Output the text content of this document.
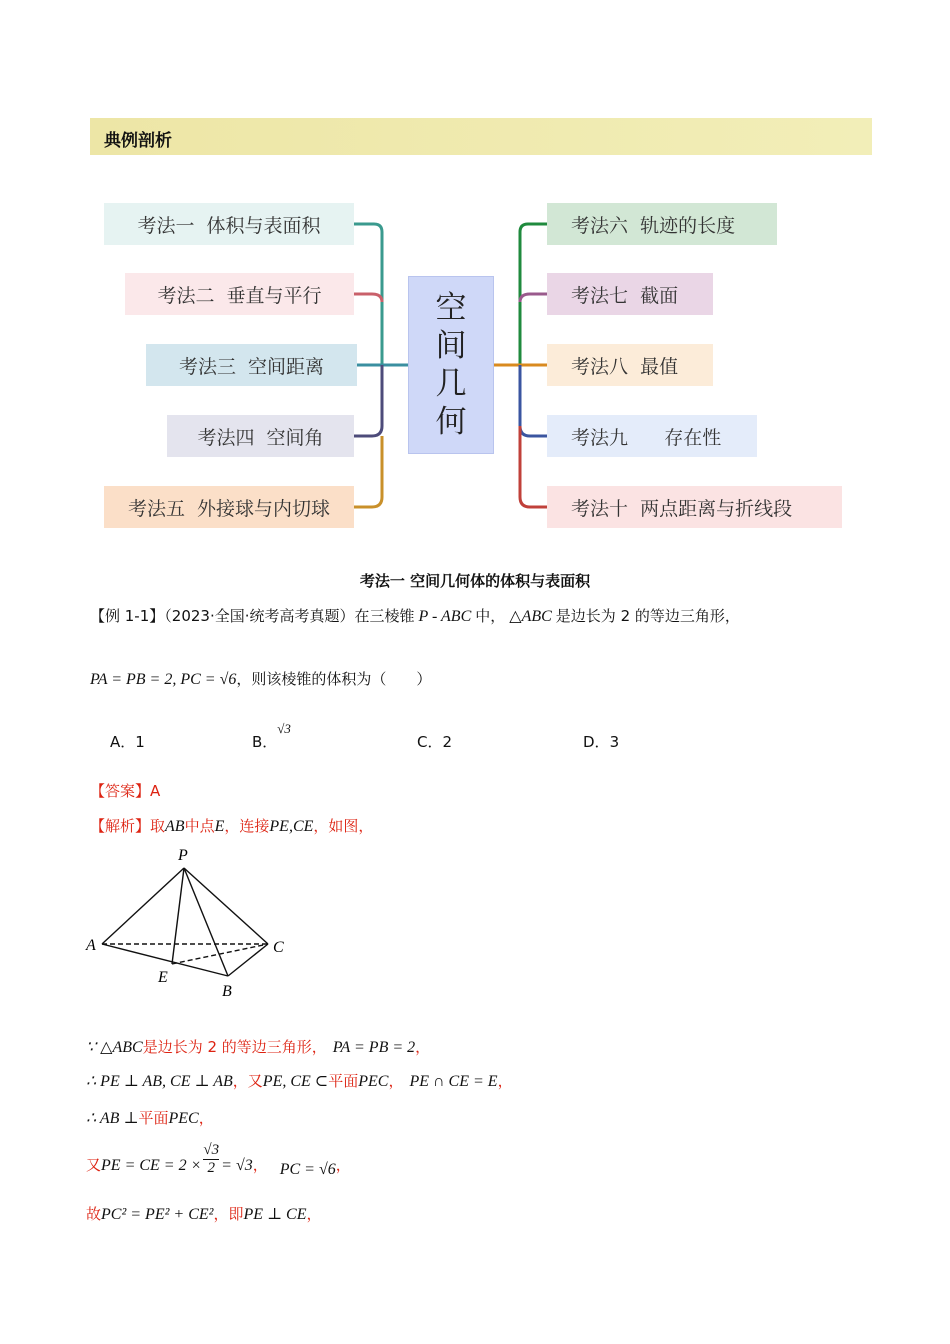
典例剖析
考法一  体积与表面积
考法二  垂直与平行
考法三  空间距离
考法四  空间角
考法五  外接球与内切球
空
间
几
何
考法六  轨迹的长度
考法七  截面
考法八  最值
考法九      存在性
考法十  两点距离与折线段
考法一 空间几何体的体积与表面积
【例 1-1】（2023·全国·统考高考真题）在三棱锥 P - ABC 中， △ABC 是边长为 2 的等边三角形，
PA = PB = 2, PC = √6，则该棱锥的体积为（　　）
A．1	B．√3
C．2	D．3
【答案】A
【解析】取AB中点E，连接PE,CE，如图，
P
A	C
E
B
∵ △ABC是边长为 2 的等边三角形， PA = PB = 2，
∴ PE ⊥ AB, CE ⊥ AB，又PE, CE ⊂平面PEC， PE ∩ CE = E，
∴ AB ⊥平面PEC，
又PE = CE = $2 \times \frac{√3}{2} = √3$， PC = √6，
故PC² = PE² + CE²，即PE ⊥ CE，
